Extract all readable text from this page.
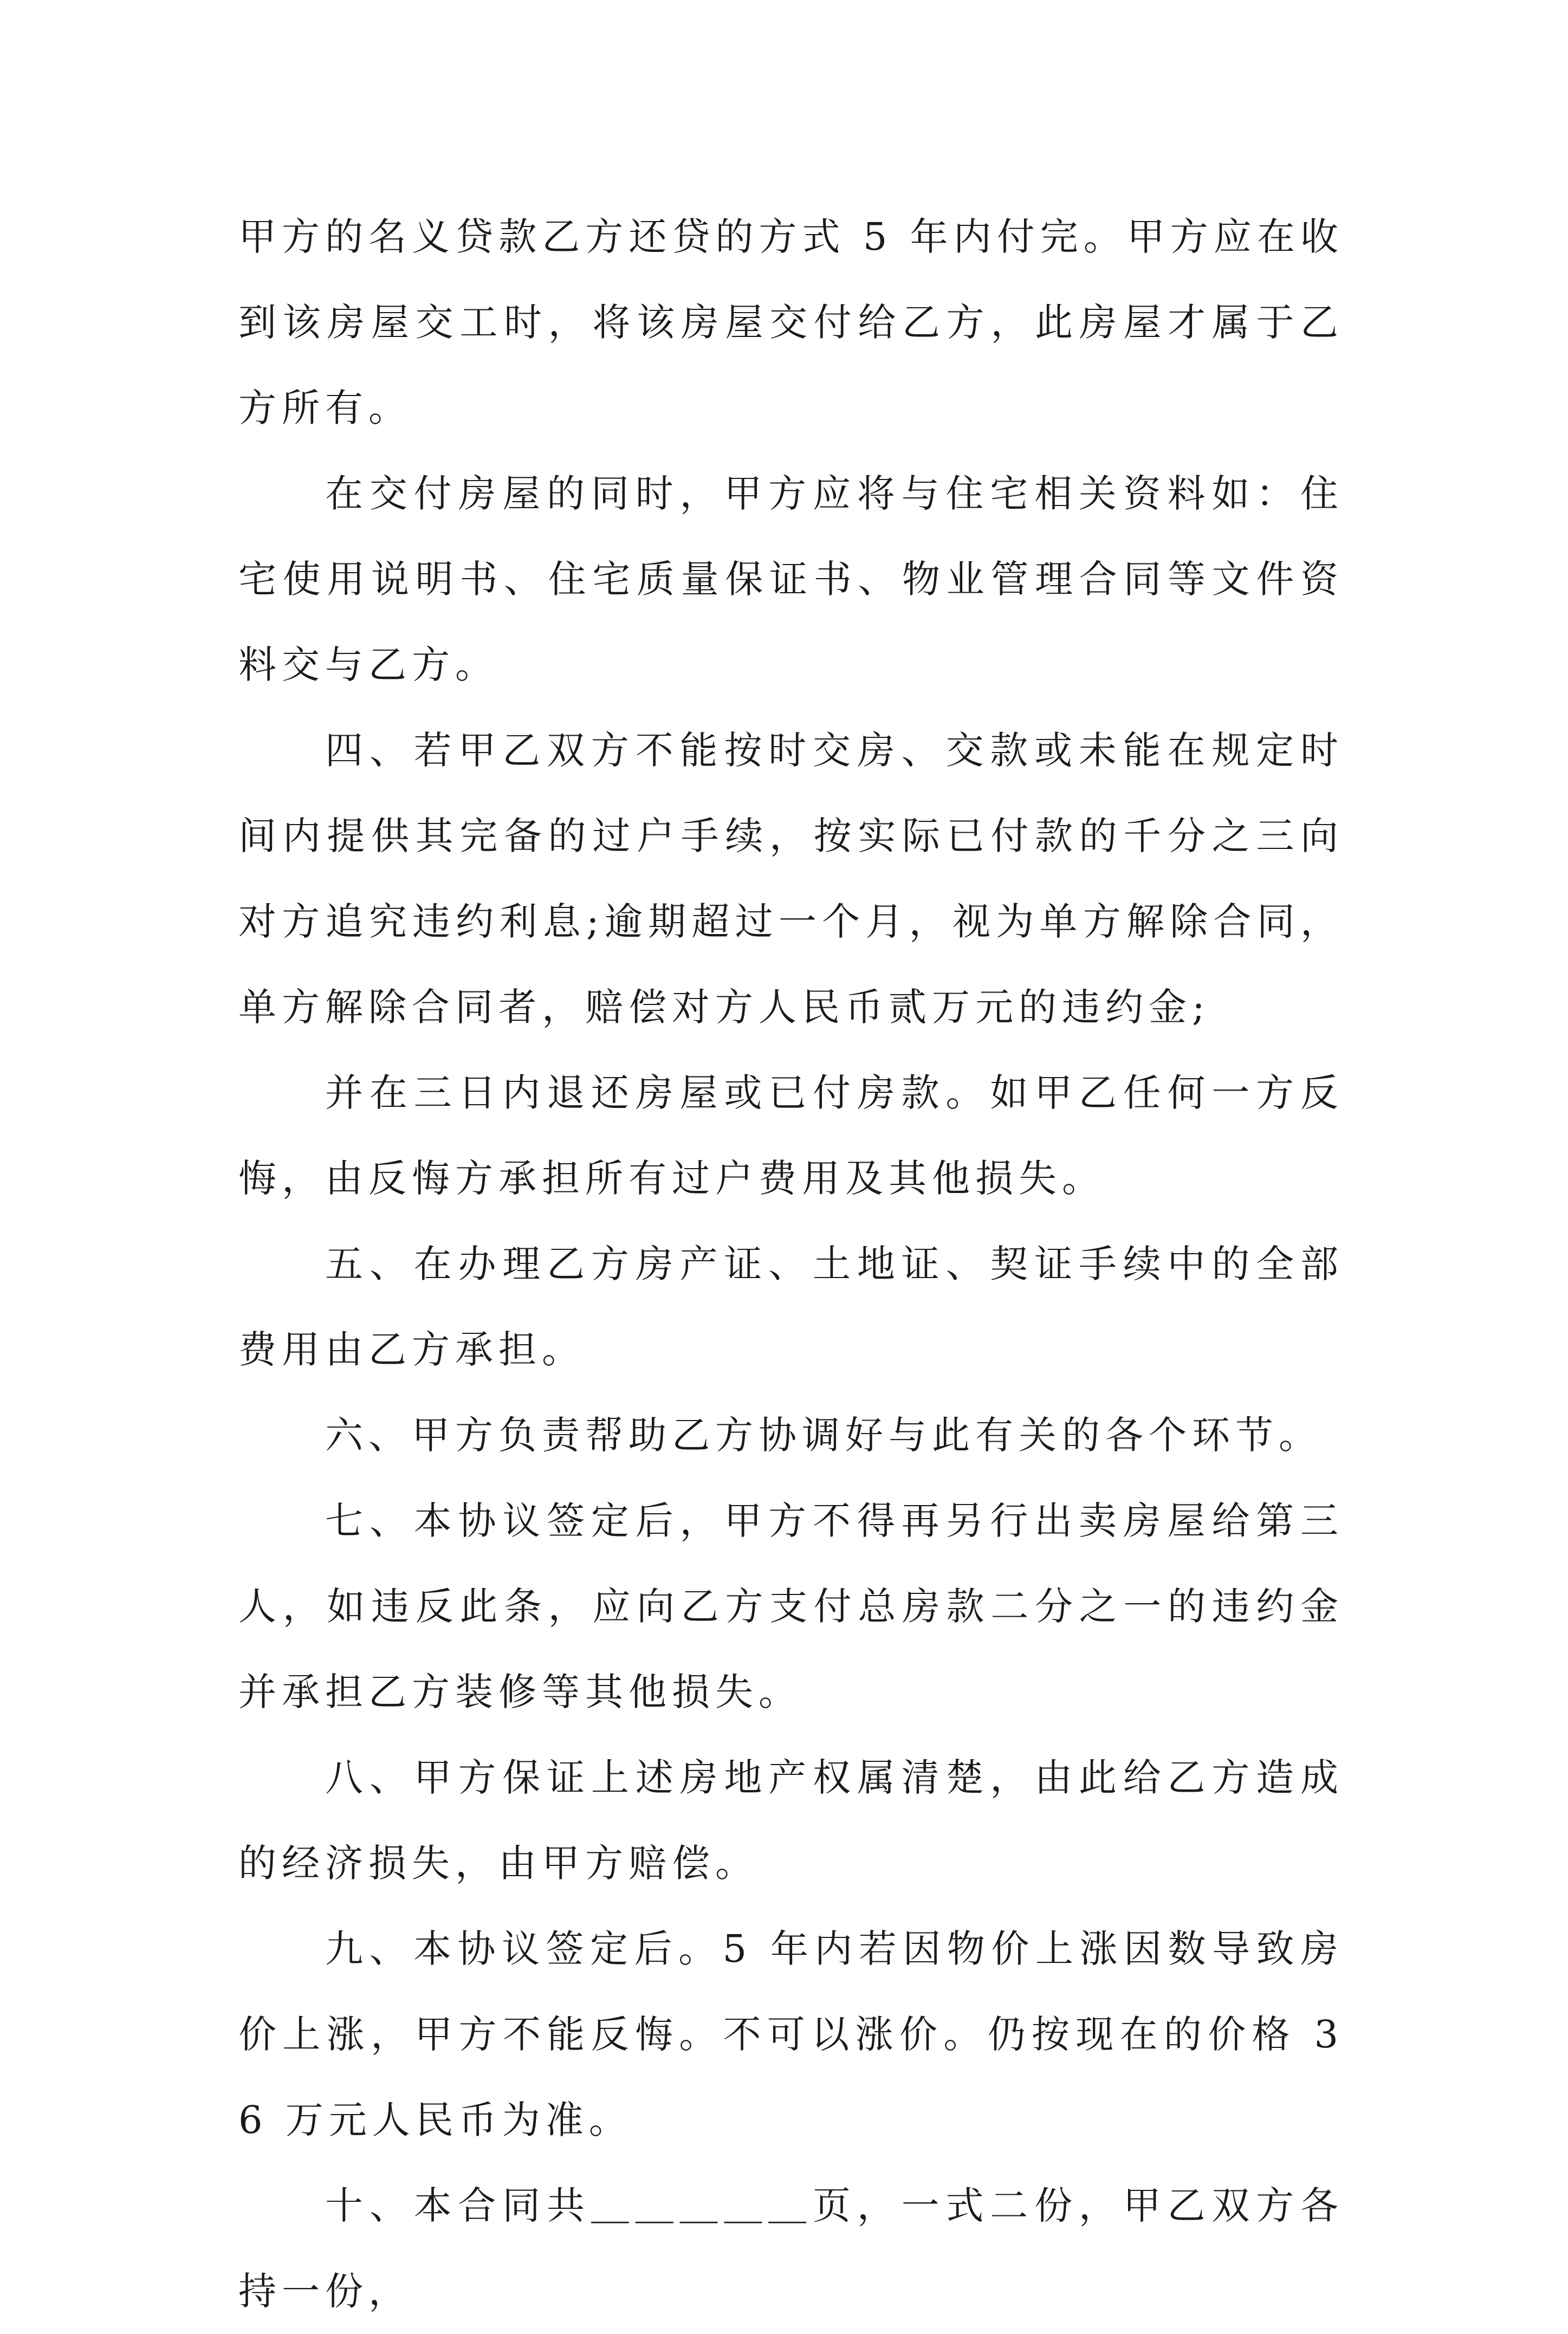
甲方的名义贷款乙方还贷的方式 5 年内付完。甲方应在收到该房屋交工时，将该房屋交付给乙方，此房屋才属于乙方所有。

在交付房屋的同时，甲方应将与住宅相关资料如：住宅使用说明书、住宅质量保证书、物业管理合同等文件资料交与乙方。

四、若甲乙双方不能按时交房、交款或未能在规定时间内提供其完备的过户手续，按实际已付款的千分之三向对方追究违约利息;逾期超过一个月，视为单方解除合同，单方解除合同者，赔偿对方人民币贰万元的违约金;

并在三日内退还房屋或已付房款。如甲乙任何一方反悔，由反悔方承担所有过户费用及其他损失。

五、在办理乙方房产证、土地证、契证手续中的全部费用由乙方承担。

六、甲方负责帮助乙方协调好与此有关的各个环节。

七、本协议签定后，甲方不得再另行出卖房屋给第三人，如违反此条，应向乙方支付总房款二分之一的违约金并承担乙方装修等其他损失。

八、甲方保证上述房地产权属清楚，由此给乙方造成的经济损失，由甲方赔偿。

九、本协议签定后。5 年内若因物价上涨因数导致房价上涨，甲方不能反悔。不可以涨价。仍按现在的价格 36 万元人民币为准。

十、本合同共＿＿＿＿＿页，一式二份，甲乙双方各持一份，
